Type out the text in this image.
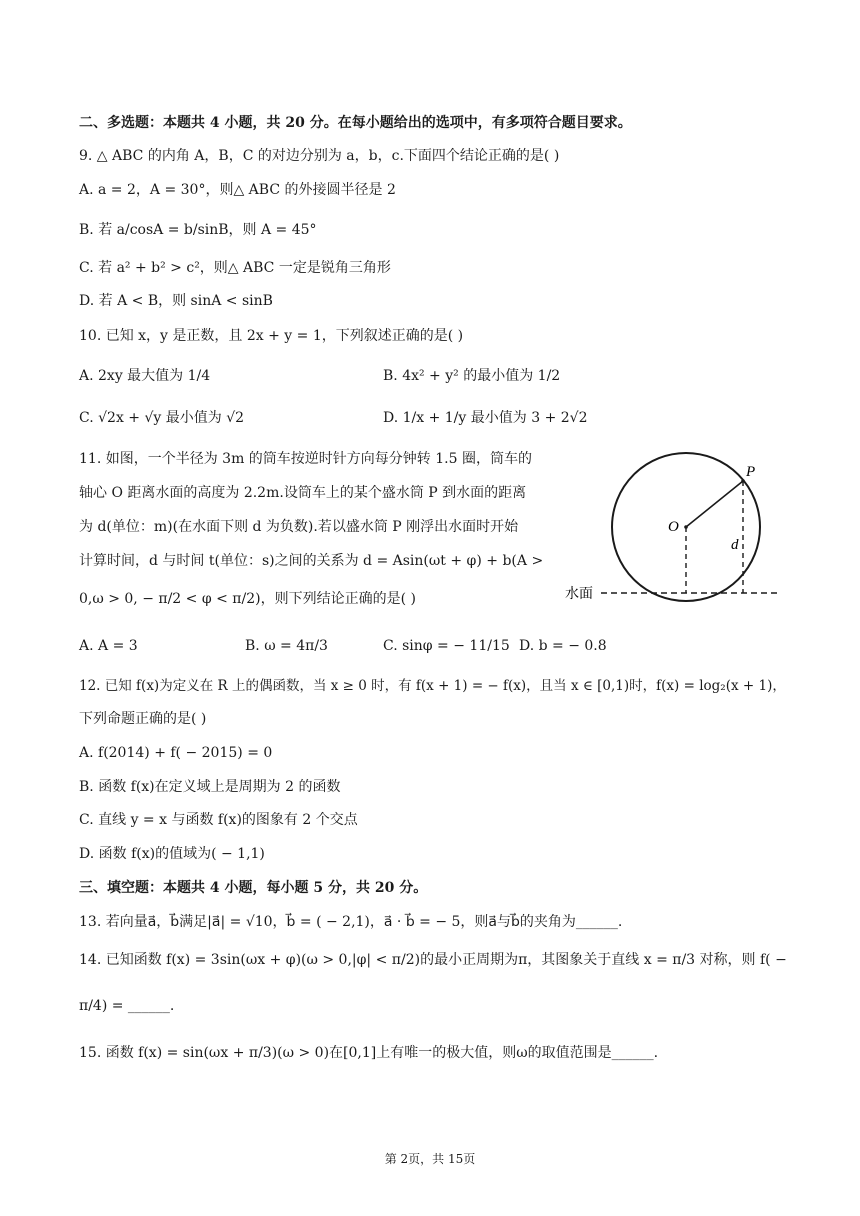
二、多选题：本题共 4 小题，共 20 分。在每小题给出的选项中，有多项符合题目要求。
9. △ ABC 的内角 A，B，C 的对边分别为 a，b，c.下面四个结论正确的是( )
A. a = 2，A = 30°，则△ ABC 的外接圆半径是 2
B. 若 a/cosA = b/sinB，则 A = 45°
C. 若 a² + b² > c²，则△ ABC 一定是锐角三角形
D. 若 A < B，则 sinA < sinB
10. 已知 x，y 是正数，且 2x + y = 1，下列叙述正确的是( )
A. 2xy 最大值为 1/4	B. 4x² + y² 的最小值为 1/2
C. √2x + √y 最小值为 √2	D. 1/x + 1/y 最小值为 3 + 2√2
11. 如图，一个半径为 3m 的筒车按逆时针方向每分钟转 1.5 圈，筒车的
轴心 O 距离水面的高度为 2.2m.设筒车上的某个盛水筒 P 到水面的距离
为 d(单位：m)(在水面下则 d 为负数).若以盛水筒 P 刚浮出水面时开始
计算时间，d 与时间 t(单位：s)之间的关系为 d = Asin(ωt + φ) + b(A >
0,ω > 0, − π/2 < φ < π/2)，则下列结论正确的是( )
P
O
d
水面
A. A = 3	B. ω = 4π/3	C. sinφ = − 11/15 D. b = − 0.8
12. 已知 f(x)为定义在 R 上的偶函数，当 x ≥ 0 时，有 f(x + 1) = − f(x)，且当 x ∈ [0,1)时，f(x) = log₂(x + 1)，
下列命题正确的是( )
A. f(2014) + f( − 2015) = 0
B. 函数 f(x)在定义域上是周期为 2 的函数
C. 直线 y = x 与函数 f(x)的图象有 2 个交点
D. 函数 f(x)的值域为( − 1,1)
三、填空题：本题共 4 小题，每小题 5 分，共 20 分。
13. 若向量a⃗，b⃗满足|a⃗| = √10，b⃗ = ( − 2,1)，a⃗ · b⃗ = − 5，则a⃗与b⃗的夹角为______.
14. 已知函数 f(x) = 3sin(ωx + φ)(ω > 0,|φ| < π/2)的最小正周期为π，其图象关于直线 x = π/3 对称，则 f( −
π/4) = ______.
15. 函数 f(x) = sin(ωx + π/3)(ω > 0)在[0,1]上有唯一的极大值，则ω的取值范围是______.
第 2页，共 15页
